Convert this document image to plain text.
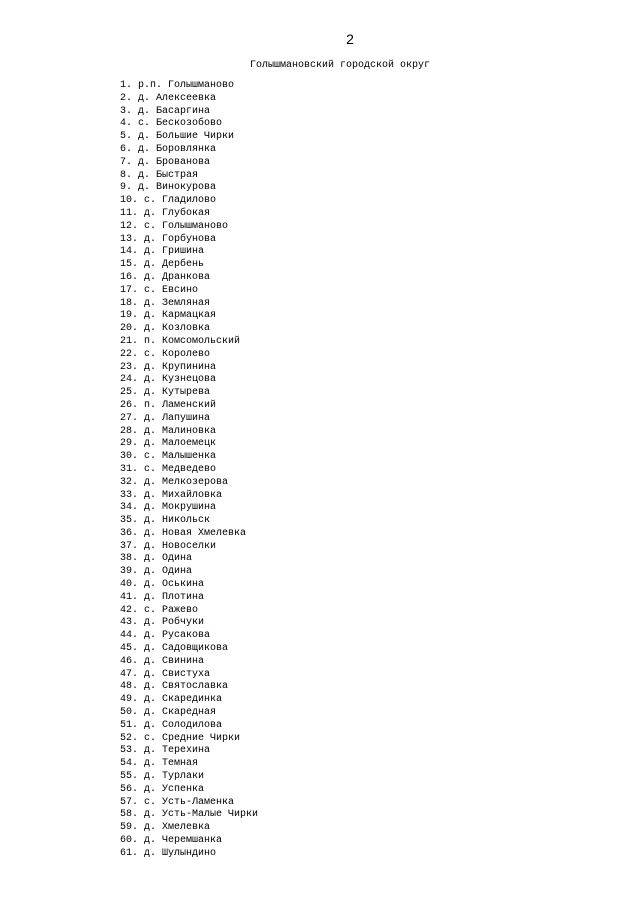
2
Голышмановский городской округ
1. р.п. Голышманово
2. д. Алексеевка
3. д. Басаргина
4. с. Бескозобово
5. д. Большие Чирки
6. д. Боровлянка
7. д. Брованова
8. д. Быстрая
9. д. Винокурова
10. с. Гладилово
11. д. Глубокая
12. с. Голышманово
13. д. Горбунова
14. д. Гришина
15. д. Дербень
16. д. Дранкова
17. с. Евсино
18. д. Земляная
19. д. Кармацкая
20. д. Козловка
21. п. Комсомольский
22. с. Королево
23. д. Крупинина
24. д. Кузнецова
25. д. Кутырева
26. п. Ламенский
27. д. Лапушина
28. д. Малиновка
29. д. Малоемецк
30. с. Малышенка
31. с. Медведево
32. д. Мелкозерова
33. д. Михайловка
34. д. Мокрушина
35. д. Никольск
36. д. Новая Хмелевка
37. д. Новоселки
38. д. Одина
39. д. Одина
40. д. Оськина
41. д. Плотина
42. с. Ражево
43. д. Робчуки
44. д. Русакова
45. д. Садовщикова
46. д. Свинина
47. д. Свистуха
48. д. Святославка
49. д. Скарединка
50. д. Скаредная
51. д. Солодилова
52. с. Средние Чирки
53. д. Терехина
54. д. Темная
55. д. Турлаки
56. д. Успенка
57. с. Усть-Ламенка
58. д. Усть-Малые Чирки
59. д. Хмелевка
60. д. Черемшанка
61. д. Шулындино
